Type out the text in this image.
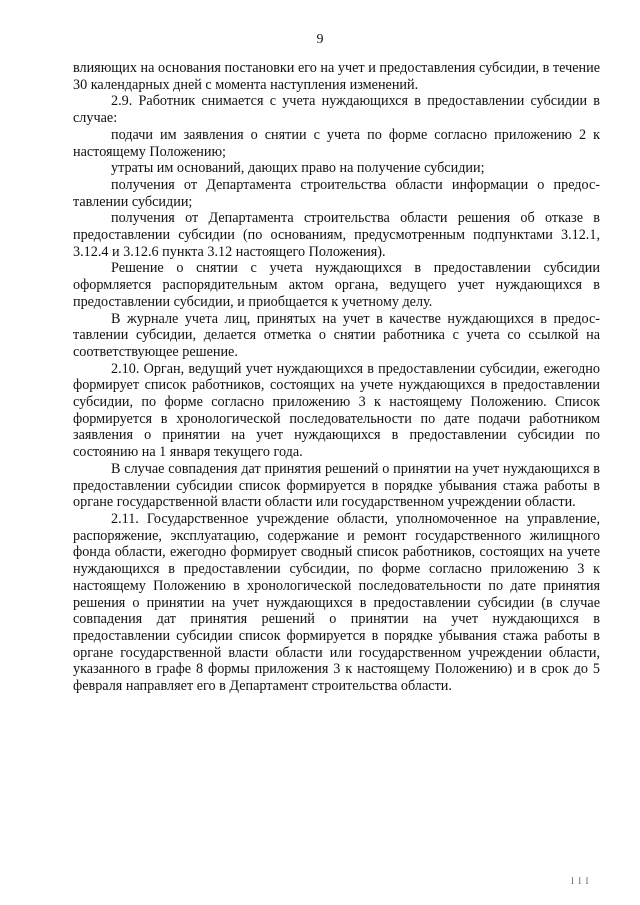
9

влияющих на основания постановки его на учет и предоставления субсидии, в течение 30 календарных дней с момента наступления изменений.

2.9. Работник снимается с учета нуждающихся в предоставлении субсидии в случае:

подачи им заявления о снятии с учета по форме согласно приложению 2 к настоящему Положению;

утраты им оснований, дающих право на получение субсидии;

получения от Департамента строительства области информации о предоставлении субсидии;

получения от Департамента строительства области решения об отказе в предоставлении субсидии (по основаниям, предусмотренным подпунктами 3.12.1, 3.12.4 и 3.12.6 пункта 3.12 настоящего Положения).

Решение о снятии с учета нуждающихся в предоставлении субсидии оформляется распорядительным актом органа, ведущего учет нуждающихся в предоставлении субсидии, и приобщается к учетному делу.

В журнале учета лиц, принятых на учет в качестве нуждающихся в предоставлении субсидии, делается отметка о снятии работника с учета со ссылкой на соответствующее решение.

2.10. Орган, ведущий учет нуждающихся в предоставлении субсидии, ежегодно формирует список работников, состоящих на учете нуждающихся в предоставлении субсидии, по форме согласно приложению 3 к настоящему Положению. Список формируется в хронологической последовательности по дате подачи работником заявления о принятии на учет нуждающихся в предоставлении субсидии по состоянию на 1 января текущего года.

В случае совпадения дат принятия решений о принятии на учет нуждающихся в предоставлении субсидии список формируется в порядке убывания стажа работы в органе государственной власти области или государственном учреждении области.

2.11. Государственное учреждение области, уполномоченное на управление, распоряжение, эксплуатацию, содержание и ремонт государственного жилищного фонда области, ежегодно формирует сводный список работников, состоящих на учете нуждающихся в предоставлении субсидии, по форме согласно приложению 3 к настоящему Положению в хронологической последовательности по дате принятия решения о принятии на учет нуждающихся в предоставлении субсидии (в случае совпадения дат принятия решений о принятии на учет нуждающихся в предоставлении субсидии список формируется в порядке убывания стажа работы в органе государственной власти области или государственном учреждении области, указанного в графе 8 формы приложения 3 к настоящему Положению) и в срок до 5 февраля направляет его в Департамент строительства области.

I I I
